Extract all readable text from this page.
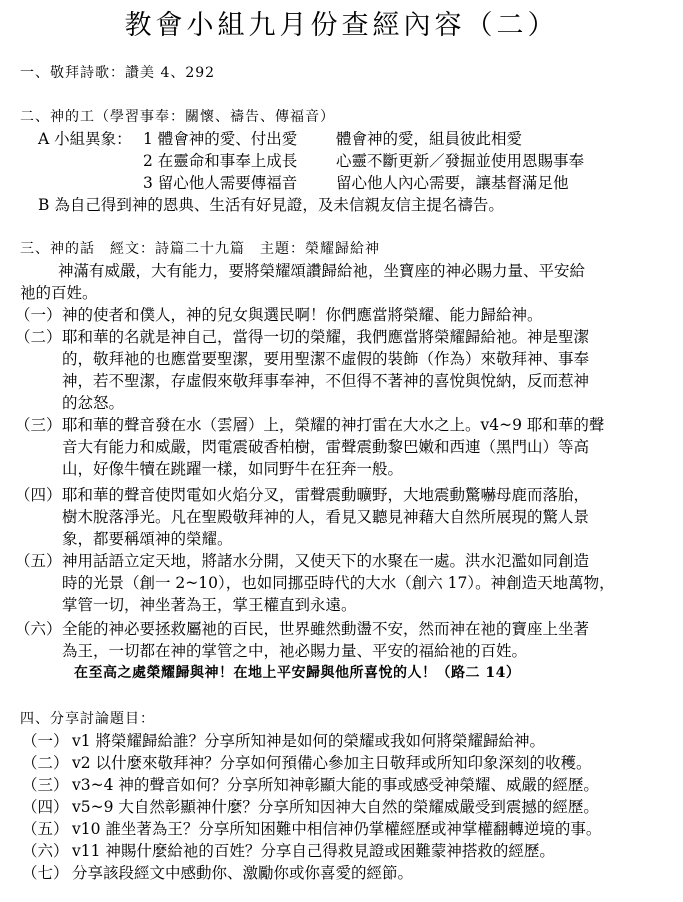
教會小組九月份查經內容（二）
一、敬拜詩歌：讚美 4、292
二、神的工（學習事奉：關懷、禱告、傳福音）
A 小組異象： 1 體會神的愛、付出愛 體會神的愛，組員彼此相愛
2 在靈命和事奉上成長 心靈不斷更新／發掘並使用恩賜事奉
3 留心他人需要傳福音 留心他人內心需要，讓基督滿足他
B 為自己得到神的恩典、生活有好見證，及未信親友信主提名禱告。
三、神的話　經文：詩篇二十九篇　主題：榮耀歸給神
神滿有威嚴，大有能力，要將榮耀頌讚歸給祂，坐寶座的神必賜力量、平安給
祂的百姓。
（一） 神的使者和僕人，神的兒女與選民啊！你們應當將榮耀、能力歸給神。
（二） 耶和華的名就是神自己，當得一切的榮耀，我們應當將榮耀歸給祂。神是聖潔
的，敬拜祂的也應當要聖潔，要用聖潔不虛假的裝飾（作為）來敬拜神、事奉
神，若不聖潔，存虛假來敬拜事奉神，不但得不著神的喜悅與悅納，反而惹神
的忿怒。
（三） 耶和華的聲音發在水（雲層）上，榮耀的神打雷在大水之上。v4~9 耶和華的聲
音大有能力和威嚴，閃電震破香柏樹，雷聲震動黎巴嫩和西連（黑門山）等高
山，好像牛犢在跳躍一樣，如同野牛在狂奔一般。
（四） 耶和華的聲音使閃電如火焰分叉，雷聲震動曠野，大地震動驚嚇母鹿而落胎，
樹木脫落淨光。凡在聖殿敬拜神的人，看見又聽見神藉大自然所展現的驚人景
象，都要稱頌神的榮耀。
（五） 神用話語立定天地，將諸水分開，又使天下的水聚在一處。洪水氾濫如同創造
時的光景（創一 2~10），也如同挪亞時代的大水（創六 17）。神創造天地萬物，
掌管一切，神坐著為王，掌王權直到永遠。
（六） 全能的神必要拯救屬祂的百民，世界雖然動盪不安，然而神在祂的寶座上坐著
為王，一切都在神的掌管之中，祂必賜力量、平安的福給祂的百姓。
在至高之處榮耀歸與神！在地上平安歸與他所喜悅的人！（路二 14）
四、分享討論題目：
（一） v1 將榮耀歸給誰？分享所知神是如何的榮耀或我如何將榮耀歸給神。
（二） v2 以什麼來敬拜神？分享如何預備心參加主日敬拜或所知印象深刻的收穫。
（三） v3~4 神的聲音如何？分享所知神彰顯大能的事或感受神榮耀、威嚴的經歷。
（四） v5~9 大自然彰顯神什麼？分享所知因神大自然的榮耀威嚴受到震撼的經歷。
（五） v10 誰坐著為王？分享所知困難中相信神仍掌權經歷或神掌權翻轉逆境的事。
（六） v11 神賜什麼給祂的百姓？分享自己得救見證或困難蒙神搭救的經歷。
（七） 分享該段經文中感動你、激勵你或你喜愛的經節。
